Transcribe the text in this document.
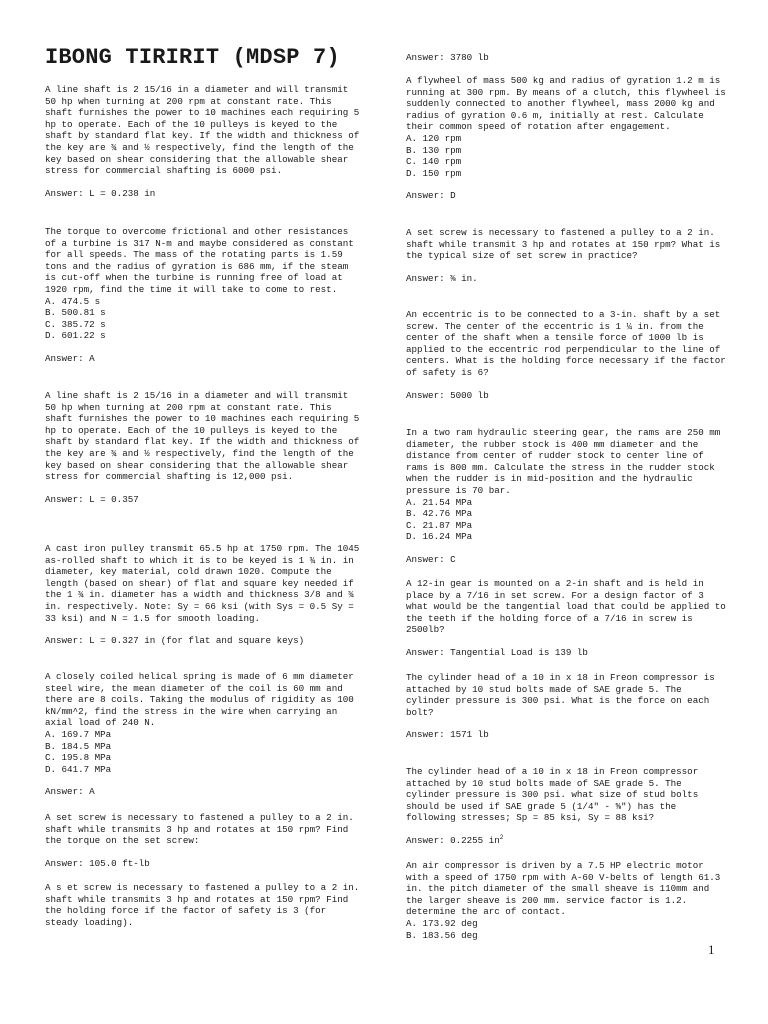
IBONG TIRIRIT (MDSP 7)

A line shaft is 2 15/16 in a diameter and will transmit 50 hp when turning at 200 rpm at constant rate. This shaft furnishes the power to 10 machines each requiring 5 hp to operate. Each of the 10 pulleys is keyed to the shaft by standard flat key. If the width and thickness of the key are ¾ and ½ respectively, find the length of the key based on shear considering that the allowable shear stress for commercial shafting is 6000 psi.

Answer: L = 0.238 in

The torque to overcome frictional and other resistances of a turbine is 317 N-m and maybe considered as constant for all speeds. The mass of the rotating parts is 1.59 tons and the radius of gyration is 686 mm, if the steam is cut-off when the turbine is running free of load at 1920 rpm, find the time it will take to come to rest.

A. 474.5 s
B. 500.81 s
C. 385.72 s
D. 601.22 s

Answer: A

A line shaft is 2 15/16 in a diameter and will transmit 50 hp when turning at 200 rpm at constant rate. This shaft furnishes the power to 10 machines each requiring 5 hp to operate. Each of the 10 pulleys is keyed to the shaft by standard flat key. If the width and thickness of the key are ¾ and ½ respectively, find the length of the key based on shear considering that the allowable shear stress for commercial shafting is 12,000 psi.

Answer: L = 0.357

A cast iron pulley transmit 65.5 hp at 1750 rpm. The 1045 as-rolled shaft to which it is to be keyed is 1 ¾ in. in diameter, key material, cold drawn 1020. Compute the length (based on shear) of flat and square key needed if the 1 ¾ in. diameter has a width and thickness 3/8 and ¾ in. respectively. Note: Sy = 66 ksi (with Sys = 0.5 Sy = 33 ksi) and N = 1.5 for smooth loading.

Answer: L = 0.327 in (for flat and square keys)

A closely coiled helical spring is made of 6 mm diameter steel wire, the mean diameter of the coil is 60 mm and there are 8 coils. Taking the modulus of rigidity as 100 kN/mm^2, find the stress in the wire when carrying an axial load of 240 N.

A. 169.7 MPa
B. 184.5 MPa
C. 195.8 MPa
D. 641.7 MPa

Answer: A

A set screw is necessary to fastened a pulley to a 2 in. shaft while transmits 3 hp and rotates at 150 rpm? Find the torque on the set screw:

Answer: 105.0 ft-lb

A s et screw is necessary to fastened a pulley to a 2 in. shaft while transmits 3 hp and rotates at 150 rpm? Find the holding force if the factor of safety is 3 (for steady loading).

Answer: 3780 lb

A flywheel of mass 500 kg and radius of gyration 1.2 m is running at 300 rpm. By means of a clutch, this flywheel is suddenly connected to another flywheel, mass 2000 kg and radius of gyration 0.6 m, initially at rest. Calculate their common speed of rotation after engagement.

A. 120 rpm
B. 130 rpm
C. 140 rpm
D. 150 rpm

Answer: D

A set screw is necessary to fastened a pulley to a 2 in. shaft while transmit 3 hp and rotates at 150 rpm? What is the typical size of set screw in practice?

Answer: ⅜ in.

An eccentric is to be connected to a 3-in. shaft by a set screw. The center of the eccentric is 1 ¼ in. from the center of the shaft when a tensile force of 1000 lb is applied to the eccentric rod perpendicular to the line of centers. What is the holding force necessary if the factor of safety is 6?

Answer: 5000 lb

In a two ram hydraulic steering gear, the rams are 250 mm diameter, the rubber stock is 400 mm diameter and the distance from center of rudder stock to center line of rams is 800 mm. Calculate the stress in the rudder stock when the rudder is in mid-position and the hydraulic pressure is 70 bar.

A. 21.54 MPa
B. 42.76 MPa
C. 21.87 MPa
D. 16.24 MPa

Answer: C

A 12-in gear is mounted on a 2-in shaft and is held in place by a 7/16 in set screw. For a design factor of 3 what would be the tangential load that could be applied to the teeth if the holding force of a 7/16 in screw is 2500lb?

Answer: Tangential Load is 139 lb

The cylinder head of a 10 in x 18 in Freon compressor is attached by 10 stud bolts made of SAE grade 5. The cylinder pressure is 300 psi. What is the force on each bolt?

Answer: 1571 lb

The cylinder head of a 10 in x 18 in Freon compressor attached by 10 stud bolts made of SAE grade 5. The cylinder pressure is 300 psi. what size of stud bolts should be used if SAE grade 5 (1/4" - ⅝") has the following stresses; Sp = 85 ksi, Sy = 88 ksi?

Answer: 0.2255 $in^2$

An air compressor is driven by a 7.5 HP electric motor with a speed of 1750 rpm with A-60 V-belts of length 61.3 in. the pitch diameter of the small sheave is 110mm and the larger sheave is 200 mm. service factor is 1.2. determine the arc of contact.

A. 173.92 deg
B. 183.56 deg
1
